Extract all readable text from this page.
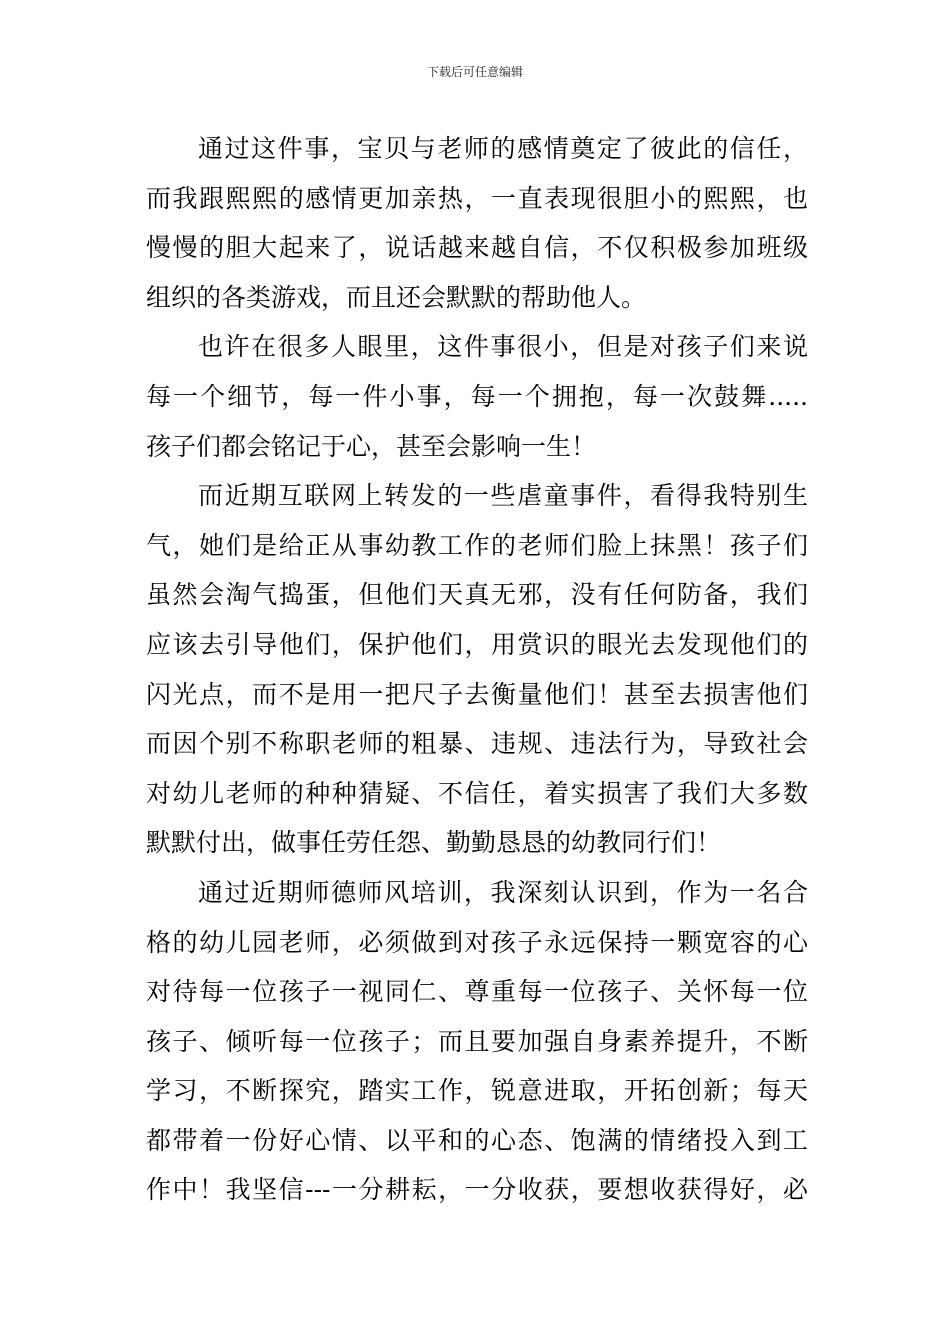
下载后可任意编辑
通过这件事，宝贝与老师的感情奠定了彼此的信任，
而我跟熙熙的感情更加亲热，一直表现很胆小的熙熙，也
慢慢的胆大起来了，说话越来越自信，不仅积极参加班级
组织的各类游戏，而且还会默默的帮助他人。
也许在很多人眼里，这件事很小，但是对孩子们来说
每一个细节，每一件小事，每一个拥抱，每一次鼓舞.....
孩子们都会铭记于心，甚至会影响一生！
而近期互联网上转发的一些虐童事件，看得我特别生
气，她们是给正从事幼教工作的老师们脸上抹黑！孩子们
虽然会淘气捣蛋，但他们天真无邪，没有任何防备，我们
应该去引导他们，保护他们，用赏识的眼光去发现他们的
闪光点，而不是用一把尺子去衡量他们！甚至去损害他们
而因个别不称职老师的粗暴、违规、违法行为，导致社会
对幼儿老师的种种猜疑、不信任，着实损害了我们大多数
默默付出，做事任劳任怨、勤勤恳恳的幼教同行们！
通过近期师德师风培训，我深刻认识到，作为一名合
格的幼儿园老师，必须做到对孩子永远保持一颗宽容的心
对待每一位孩子一视同仁、尊重每一位孩子、关怀每一位
孩子、倾听每一位孩子；而且要加强自身素养提升，不断
学习，不断探究，踏实工作，锐意进取，开拓创新；每天
都带着一份好心情、以平和的心态、饱满的情绪投入到工
作中！我坚信---一分耕耘，一分收获，要想收获得好，必
